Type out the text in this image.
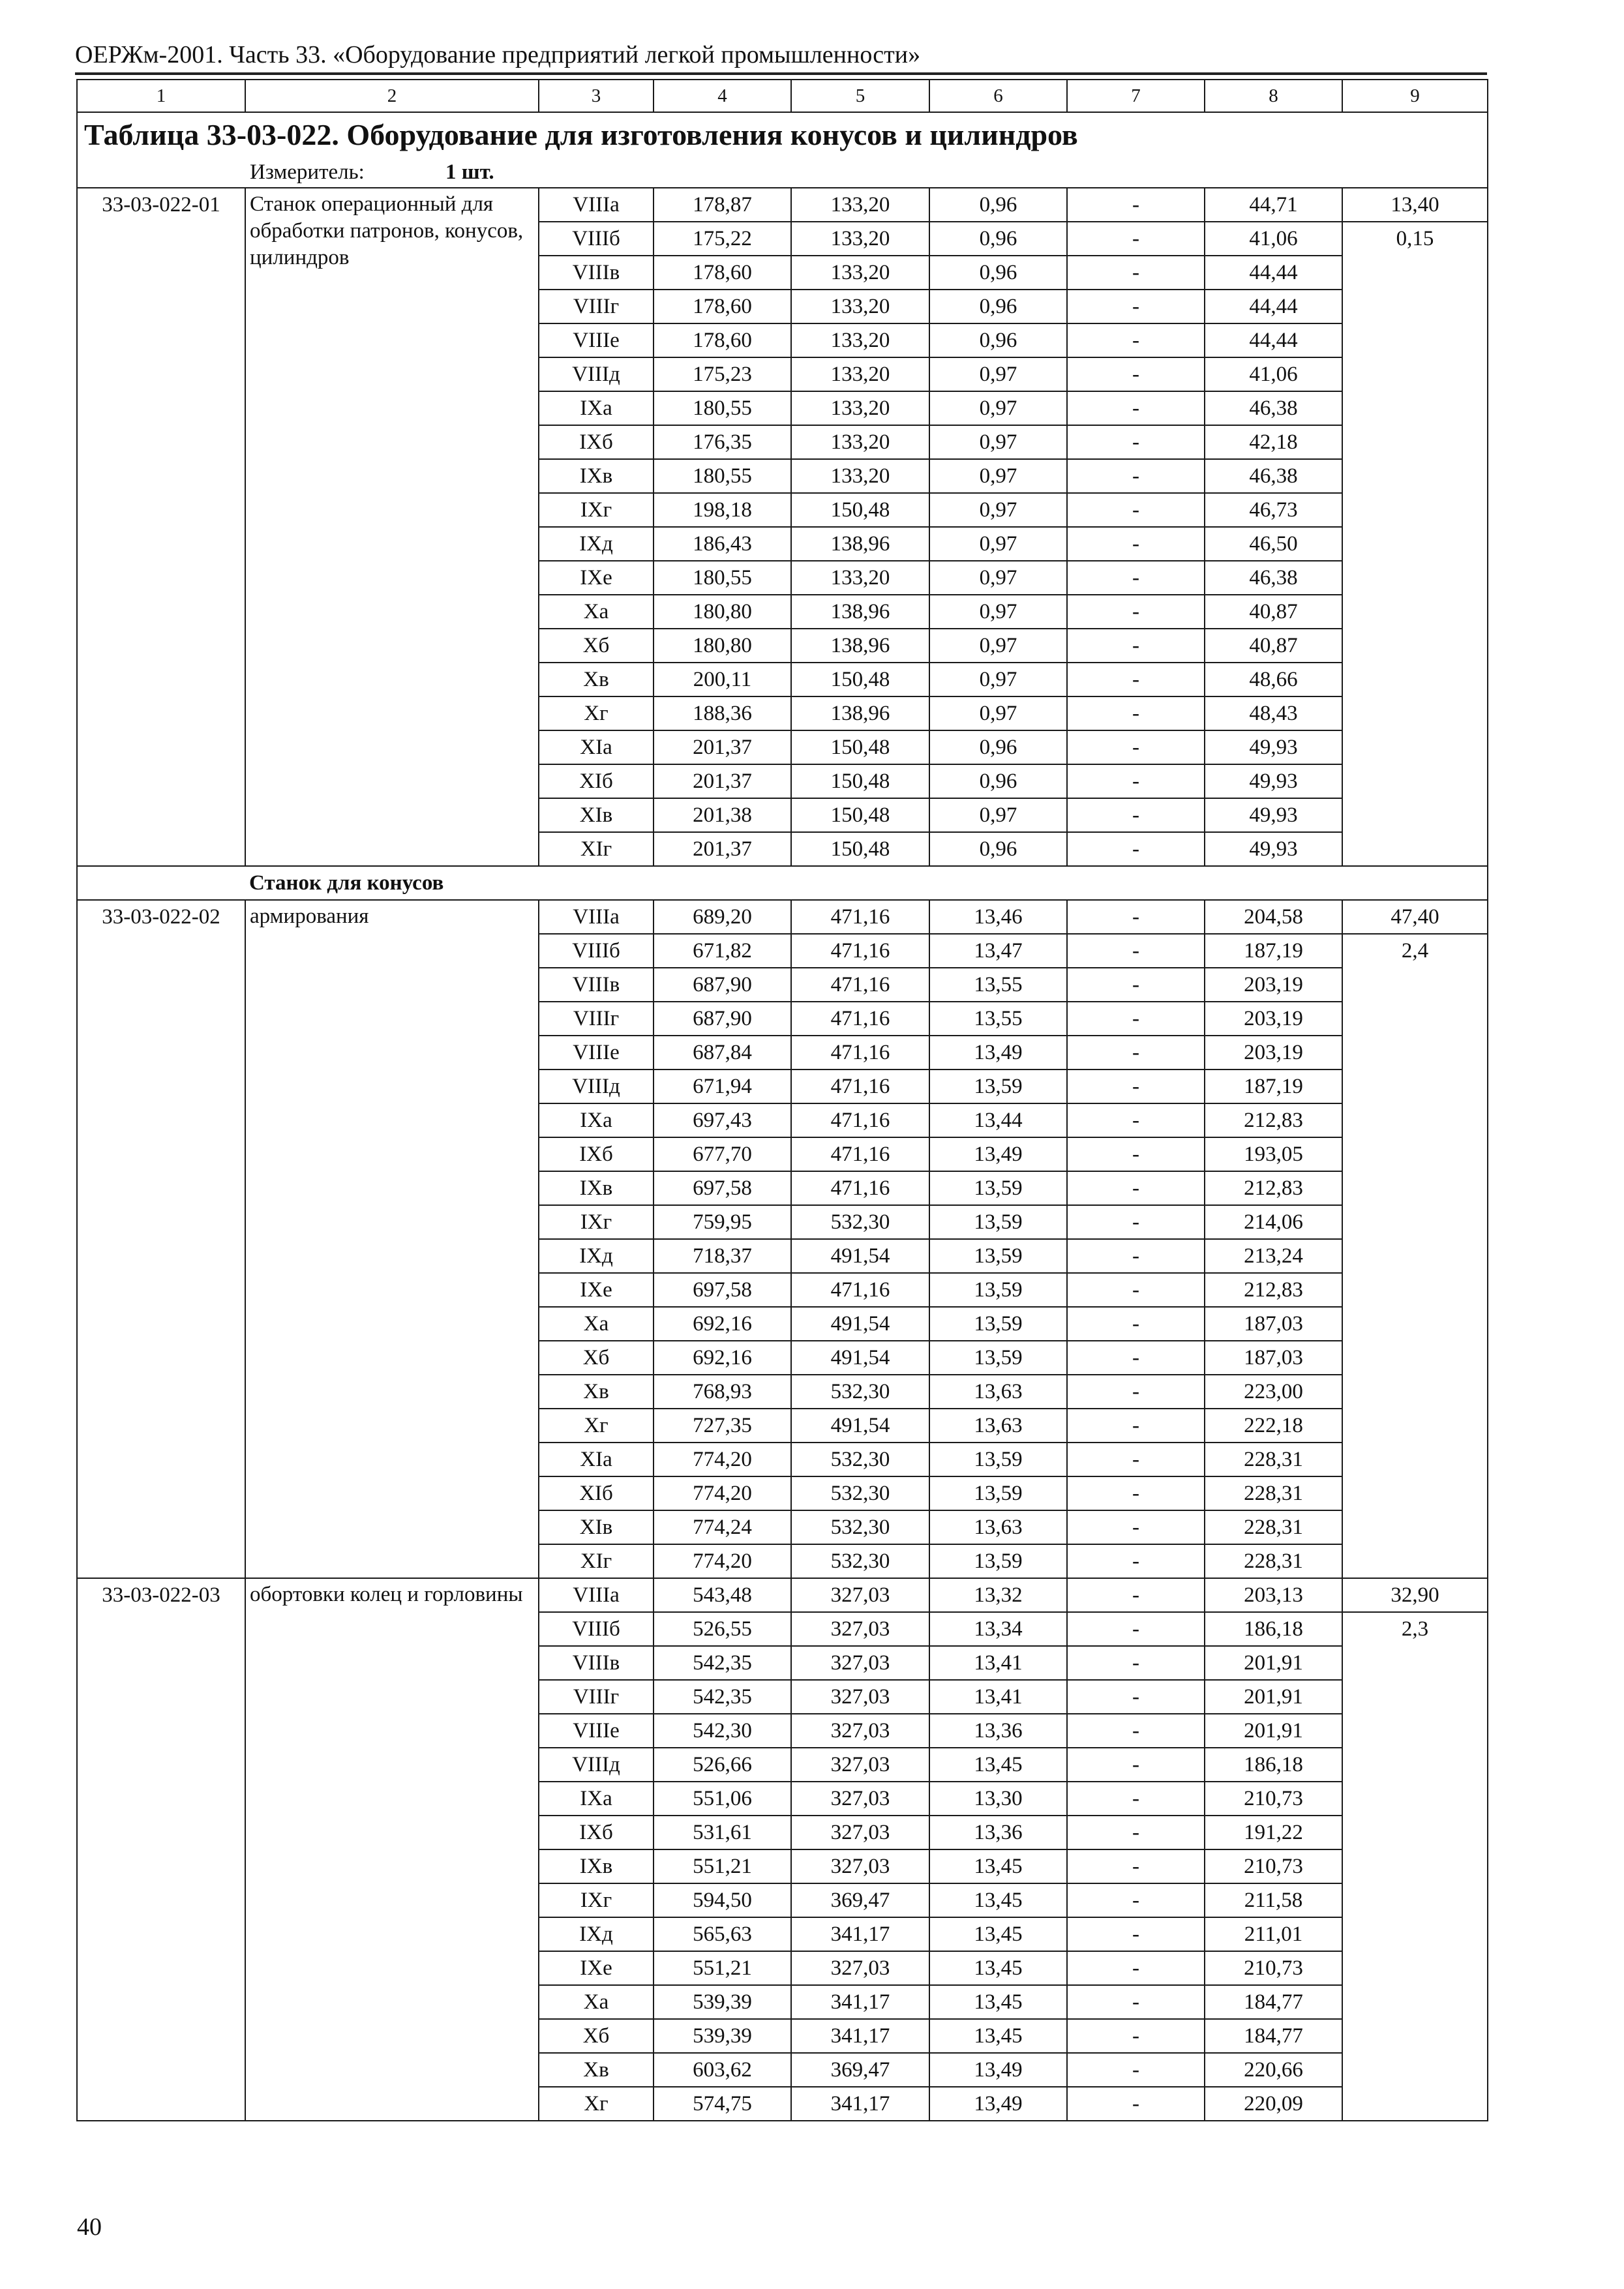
ОЕРЖм-2001. Часть 33. «Оборудование предприятий легкой промышленности»
1	2	3	4	5	6	7	8	9
Таблица 33-03-022. Оборудование для изготовления конусов и цилиндров								
Измеритель: 1 шт.								
33-03-022-01	Станок операционный для обработки патронов, конусов, цилиндров	VIIIа	178,87	133,20	0,96	-	44,71	13,40
		VIIIб	175,22	133,20	0,96	-	41,06	0,15
		VIIIв	178,60	133,20	0,96	-	44,44	
		VIIIг	178,60	133,20	0,96	-	44,44	
		VIIIе	178,60	133,20	0,96	-	44,44	
		VIIIд	175,23	133,20	0,97	-	41,06	
		IXа	180,55	133,20	0,97	-	46,38	
		IXб	176,35	133,20	0,97	-	42,18	
		IXв	180,55	133,20	0,97	-	46,38	
		IXг	198,18	150,48	0,97	-	46,73	
		IXд	186,43	138,96	0,97	-	46,50	
		IXе	180,55	133,20	0,97	-	46,38	
		Xа	180,80	138,96	0,97	-	40,87	
		Xб	180,80	138,96	0,97	-	40,87	
		Xв	200,11	150,48	0,97	-	48,66	
		Xг	188,36	138,96	0,97	-	48,43	
		XIа	201,37	150,48	0,96	-	49,93	
		XIб	201,37	150,48	0,96	-	49,93	
		XIв	201,38	150,48	0,97	-	49,93	
		XIг	201,37	150,48	0,96	-	49,93	
	Станок для конусов							
33-03-022-02	армирования	VIIIа	689,20	471,16	13,46	-	204,58	47,40
		VIIIб	671,82	471,16	13,47	-	187,19	2,4
		VIIIв	687,90	471,16	13,55	-	203,19	
		VIIIг	687,90	471,16	13,55	-	203,19	
		VIIIе	687,84	471,16	13,49	-	203,19	
		VIIIд	671,94	471,16	13,59	-	187,19	
		IXа	697,43	471,16	13,44	-	212,83	
		IXб	677,70	471,16	13,49	-	193,05	
		IXв	697,58	471,16	13,59	-	212,83	
		IXг	759,95	532,30	13,59	-	214,06	
		IXд	718,37	491,54	13,59	-	213,24	
		IXе	697,58	471,16	13,59	-	212,83	
		Xа	692,16	491,54	13,59	-	187,03	
		Xб	692,16	491,54	13,59	-	187,03	
		Xв	768,93	532,30	13,63	-	223,00	
		Xг	727,35	491,54	13,63	-	222,18	
		XIа	774,20	532,30	13,59	-	228,31	
		XIб	774,20	532,30	13,59	-	228,31	
		XIв	774,24	532,30	13,63	-	228,31	
		XIг	774,20	532,30	13,59	-	228,31	
33-03-022-03	обортовки колец и горловины	VIIIа	543,48	327,03	13,32	-	203,13	32,90
		VIIIб	526,55	327,03	13,34	-	186,18	2,3
		VIIIв	542,35	327,03	13,41	-	201,91	
		VIIIг	542,35	327,03	13,41	-	201,91	
		VIIIе	542,30	327,03	13,36	-	201,91	
		VIIIд	526,66	327,03	13,45	-	186,18	
		IXа	551,06	327,03	13,30	-	210,73	
		IXб	531,61	327,03	13,36	-	191,22	
		IXв	551,21	327,03	13,45	-	210,73	
		IXг	594,50	369,47	13,45	-	211,58	
		IXд	565,63	341,17	13,45	-	211,01	
		IXе	551,21	327,03	13,45	-	210,73	
		Xа	539,39	341,17	13,45	-	184,77	
		Xб	539,39	341,17	13,45	-	184,77	
		Xв	603,62	369,47	13,49	-	220,66	
		Xг	574,75	341,17	13,49	-	220,09	
40
